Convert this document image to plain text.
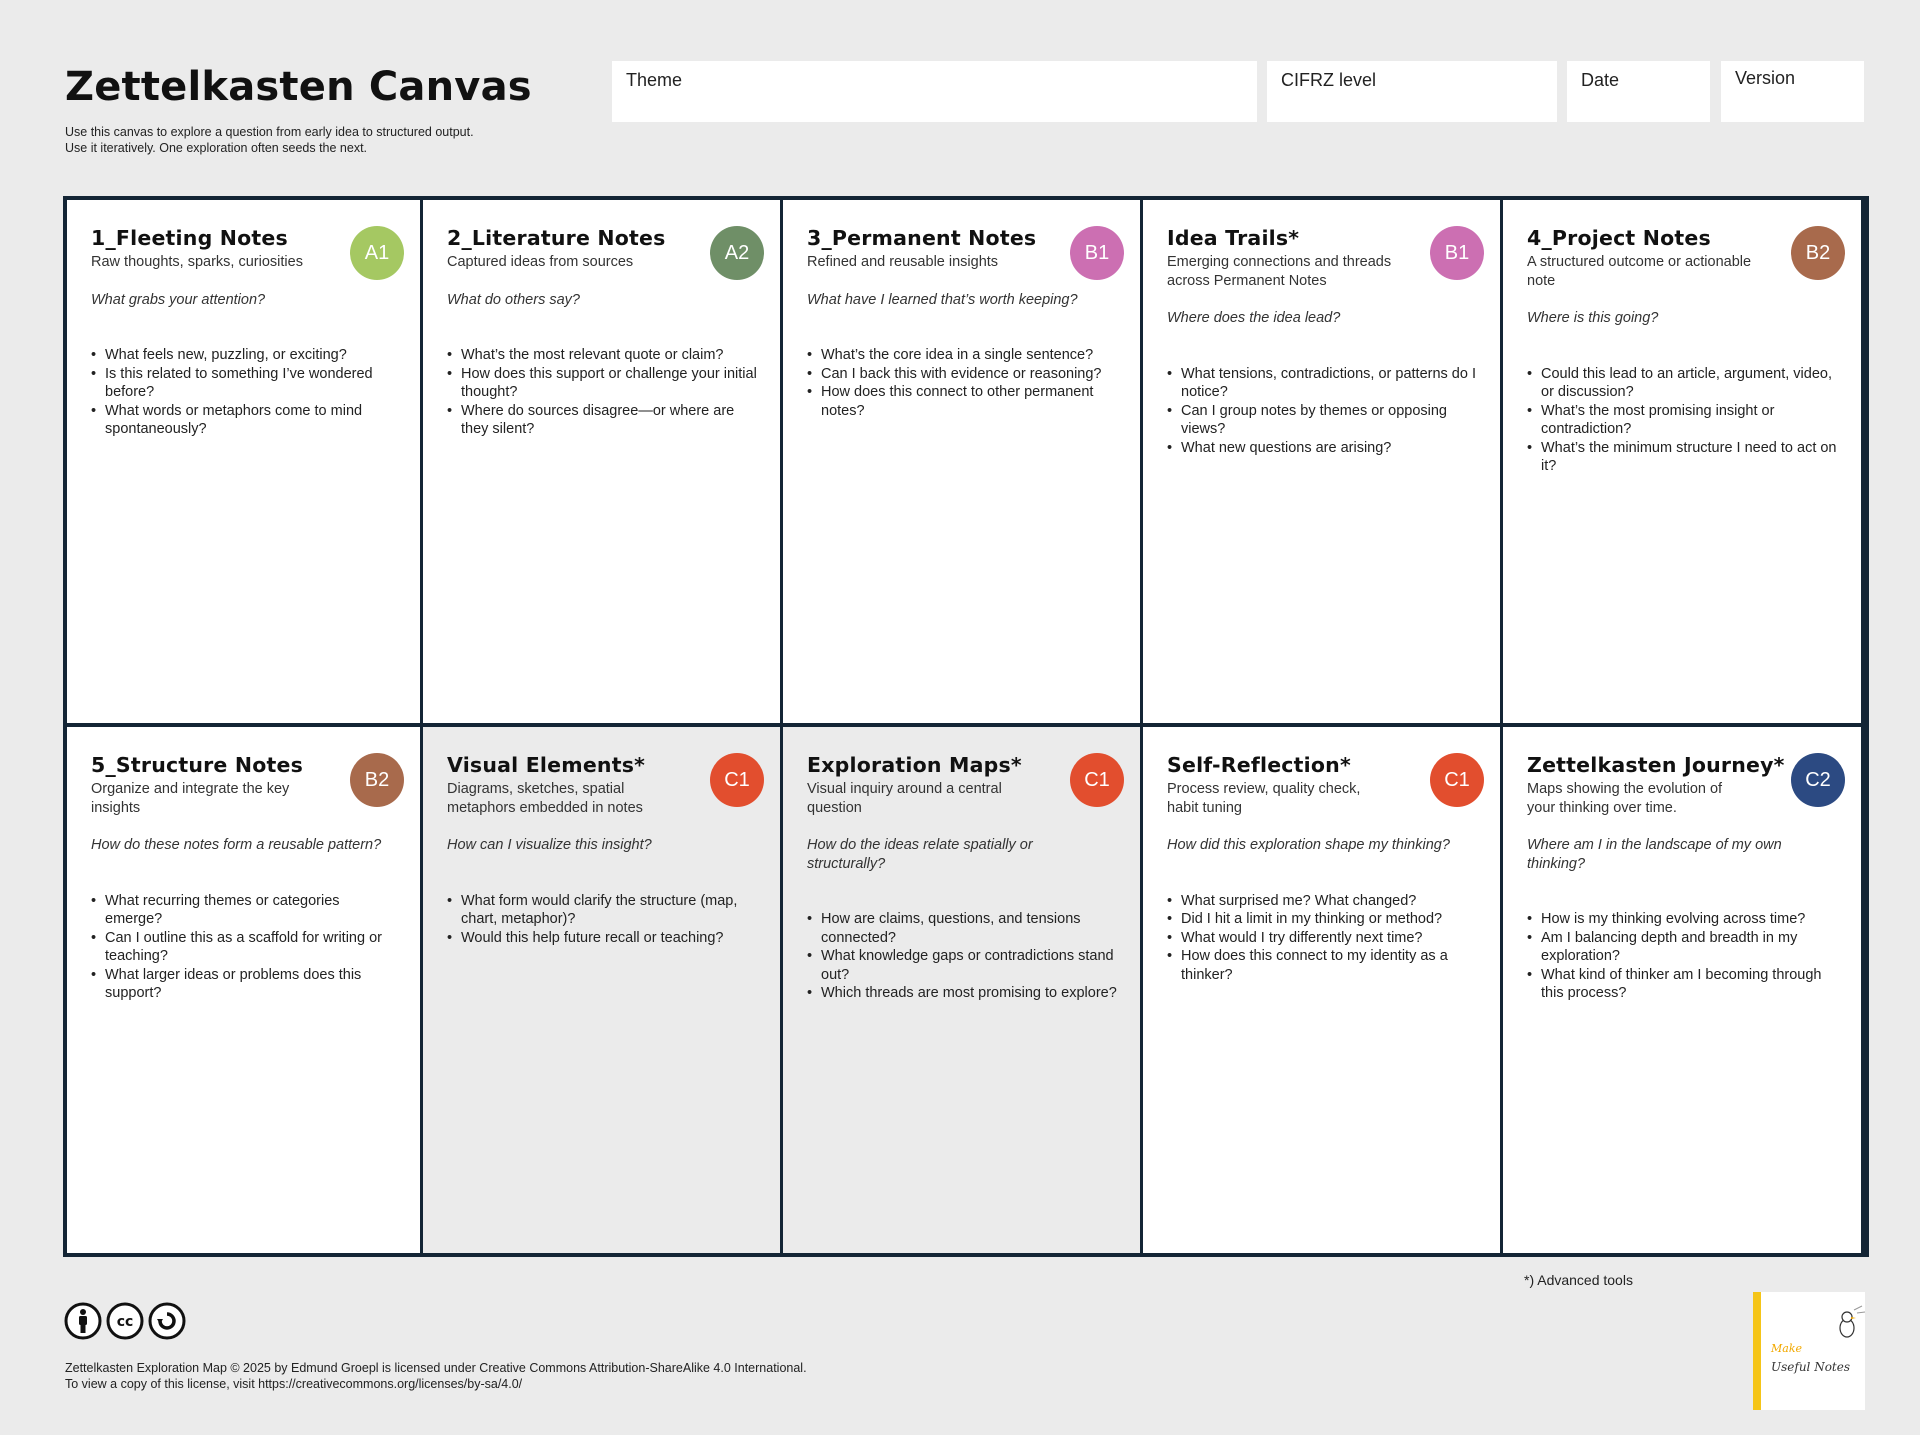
Zettelkasten Canvas
Use this canvas to explore a question from early idea to structured output.
Use it iteratively. One exploration often seeds the next.
Theme	CIFRZ level	Date	Version
1_Fleeting Notes
Raw thoughts, sparks, curiosities
What grabs your attention?
• What feels new, puzzling, or exciting?
• Is this related to something I’ve wondered before?
• What words or metaphors come to mind spontaneously?
A1
2_Literature Notes
Captured ideas from sources
What do others say?
• What’s the most relevant quote or claim?
• How does this support or challenge your initial thought?
• Where do sources disagree—or where are they silent?
A2
3_Permanent Notes
Refined and reusable insights
What have I learned that’s worth keeping?
• What’s the core idea in a single sentence?
• Can I back this with evidence or reasoning?
• How does this connect to other permanent notes?
B1
Idea Trails*
Emerging connections and threads across Permanent Notes
Where does the idea lead?
• What tensions, contradictions, or patterns do I notice?
• Can I group notes by themes or opposing views?
• What new questions are arising?
B1
4_Project Notes
A structured outcome or actionable note
Where is this going?
• Could this lead to an article, argument, video, or discussion?
• What’s the most promising insight or contradiction?
• What’s the minimum structure I need to act on it?
B2
5_Structure Notes
Organize and integrate the key insights
How do these notes form a reusable pattern?
• What recurring themes or categories emerge?
• Can I outline this as a scaffold for writing or teaching?
• What larger ideas or problems does this support?
B2
Visual Elements*
Diagrams, sketches, spatial metaphors embedded in notes
How can I visualize this insight?
• What form would clarify the structure (map, chart, metaphor)?
• Would this help future recall or teaching?
C1
Exploration Maps*
Visual inquiry around a central question
How do the ideas relate spatially or structurally?
• How are claims, questions, and tensions connected?
• What knowledge gaps or contradictions stand out?
• Which threads are most promising to explore?
C1
Self-Reflection*
Process review, quality check, habit tuning
How did this exploration shape my thinking?
• What surprised me? What changed?
• Did I hit a limit in my thinking or method?
• What would I try differently next time?
• How does this connect to my identity as a thinker?
C1
Zettelkasten Journey*
Maps showing the evolution of your thinking over time.
Where am I in the landscape of my own thinking?
• How is my thinking evolving across time?
• Am I balancing depth and breadth in my exploration?
• What kind of thinker am I becoming through this process?
C2
*) Advanced tools
cc
Zettelkasten Exploration Map © 2025 by Edmund Groepl is licensed under Creative Commons Attribution-ShareAlike 4.0 International.
To view a copy of this license, visit https://creativecommons.org/licenses/by-sa/4.0/
Make
Useful Notes
